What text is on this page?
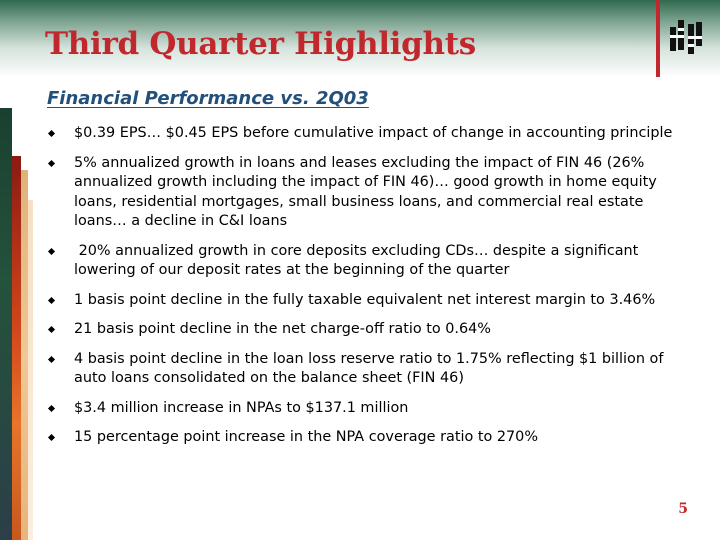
Third Quarter Highlights
Financial Performance vs. 2Q03
$0.39 EPS… $0.45 EPS before cumulative impact of change in accounting principle
5% annualized growth in loans and leases excluding the impact of FIN 46 (26% annualized growth including the impact of FIN 46)… good growth in home equity loans, residential mortgages, small business loans, and commercial real estate loans… a decline in C&I loans
20% annualized growth in core deposits excluding CDs… despite a significant lowering of our deposit rates at the beginning of the quarter
1 basis point decline in the fully taxable equivalent net interest margin to 3.46%
21 basis point decline in the net charge-off ratio to 0.64%
4 basis point decline in the loan loss reserve ratio to 1.75% reflecting $1 billion of auto loans consolidated on the balance sheet (FIN 46)
$3.4 million increase in NPAs to $137.1 million
15 percentage point increase in the NPA coverage ratio to 270%
5
